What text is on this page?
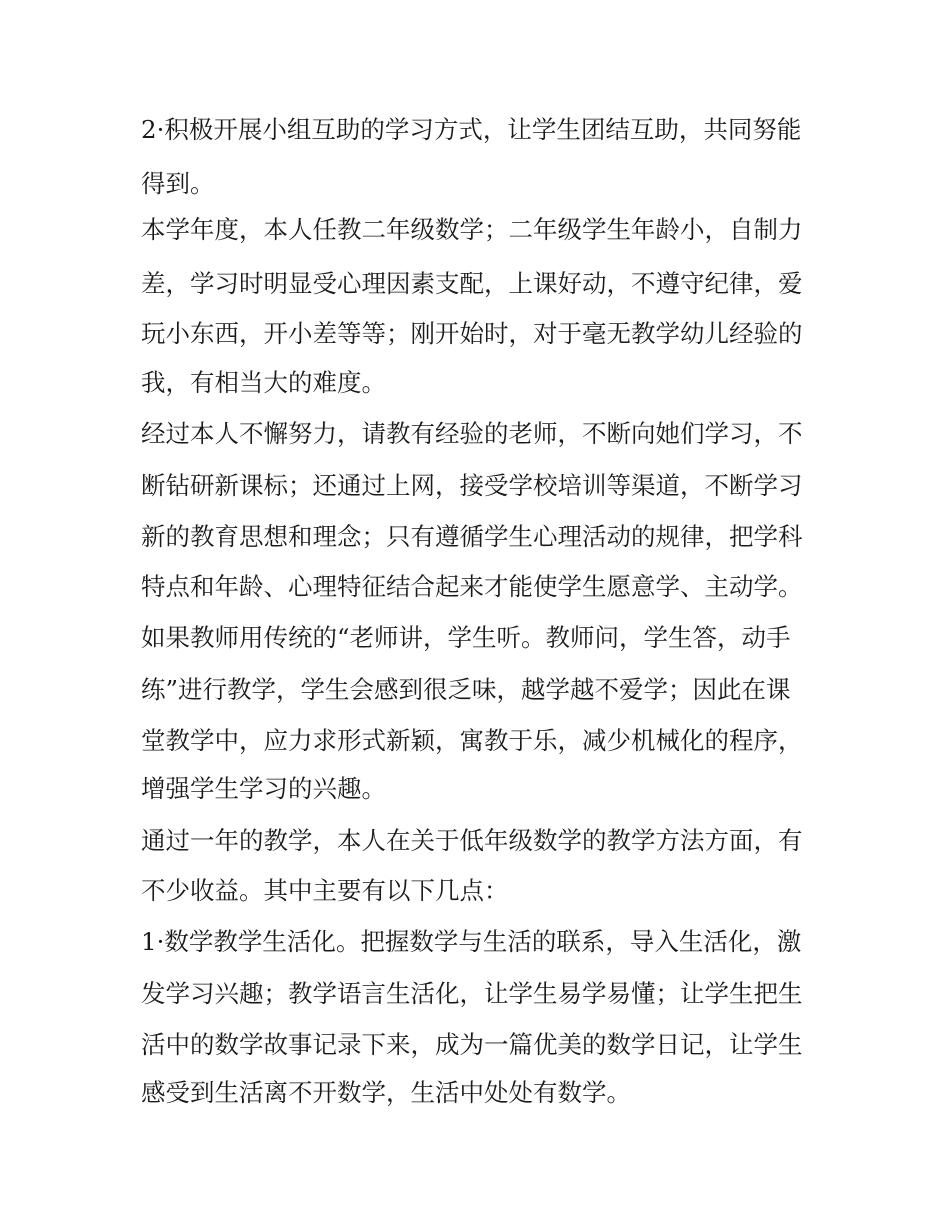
2·积极开展小组互助的学习方式，让学生团结互助，共同努能
得到。
本学年度，本人任教二年级数学；二年级学生年龄小，自制力
差，学习时明显受心理因素支配，上课好动，不遵守纪律，爱
玩小东西，开小差等等；刚开始时，对于毫无教学幼儿经验的
我，有相当大的难度。
经过本人不懈努力，请教有经验的老师，不断向她们学习，不
断钻研新课标；还通过上网，接受学校培训等渠道，不断学习
新的教育思想和理念；只有遵循学生心理活动的规律，把学科
特点和年龄、心理特征结合起来才能使学生愿意学、主动学。
如果教师用传统的“老师讲，学生听。教师问，学生答，动手
练”进行教学，学生会感到很乏味，越学越不爱学；因此在课
堂教学中，应力求形式新颖，寓教于乐，减少机械化的程序，
增强学生学习的兴趣。
通过一年的教学，本人在关于低年级数学的教学方法方面，有
不少收益。其中主要有以下几点：
1·数学教学生活化。把握数学与生活的联系，导入生活化，激
发学习兴趣；教学语言生活化，让学生易学易懂；让学生把生
活中的数学故事记录下来，成为一篇优美的数学日记，让学生
感受到生活离不开数学，生活中处处有数学。
